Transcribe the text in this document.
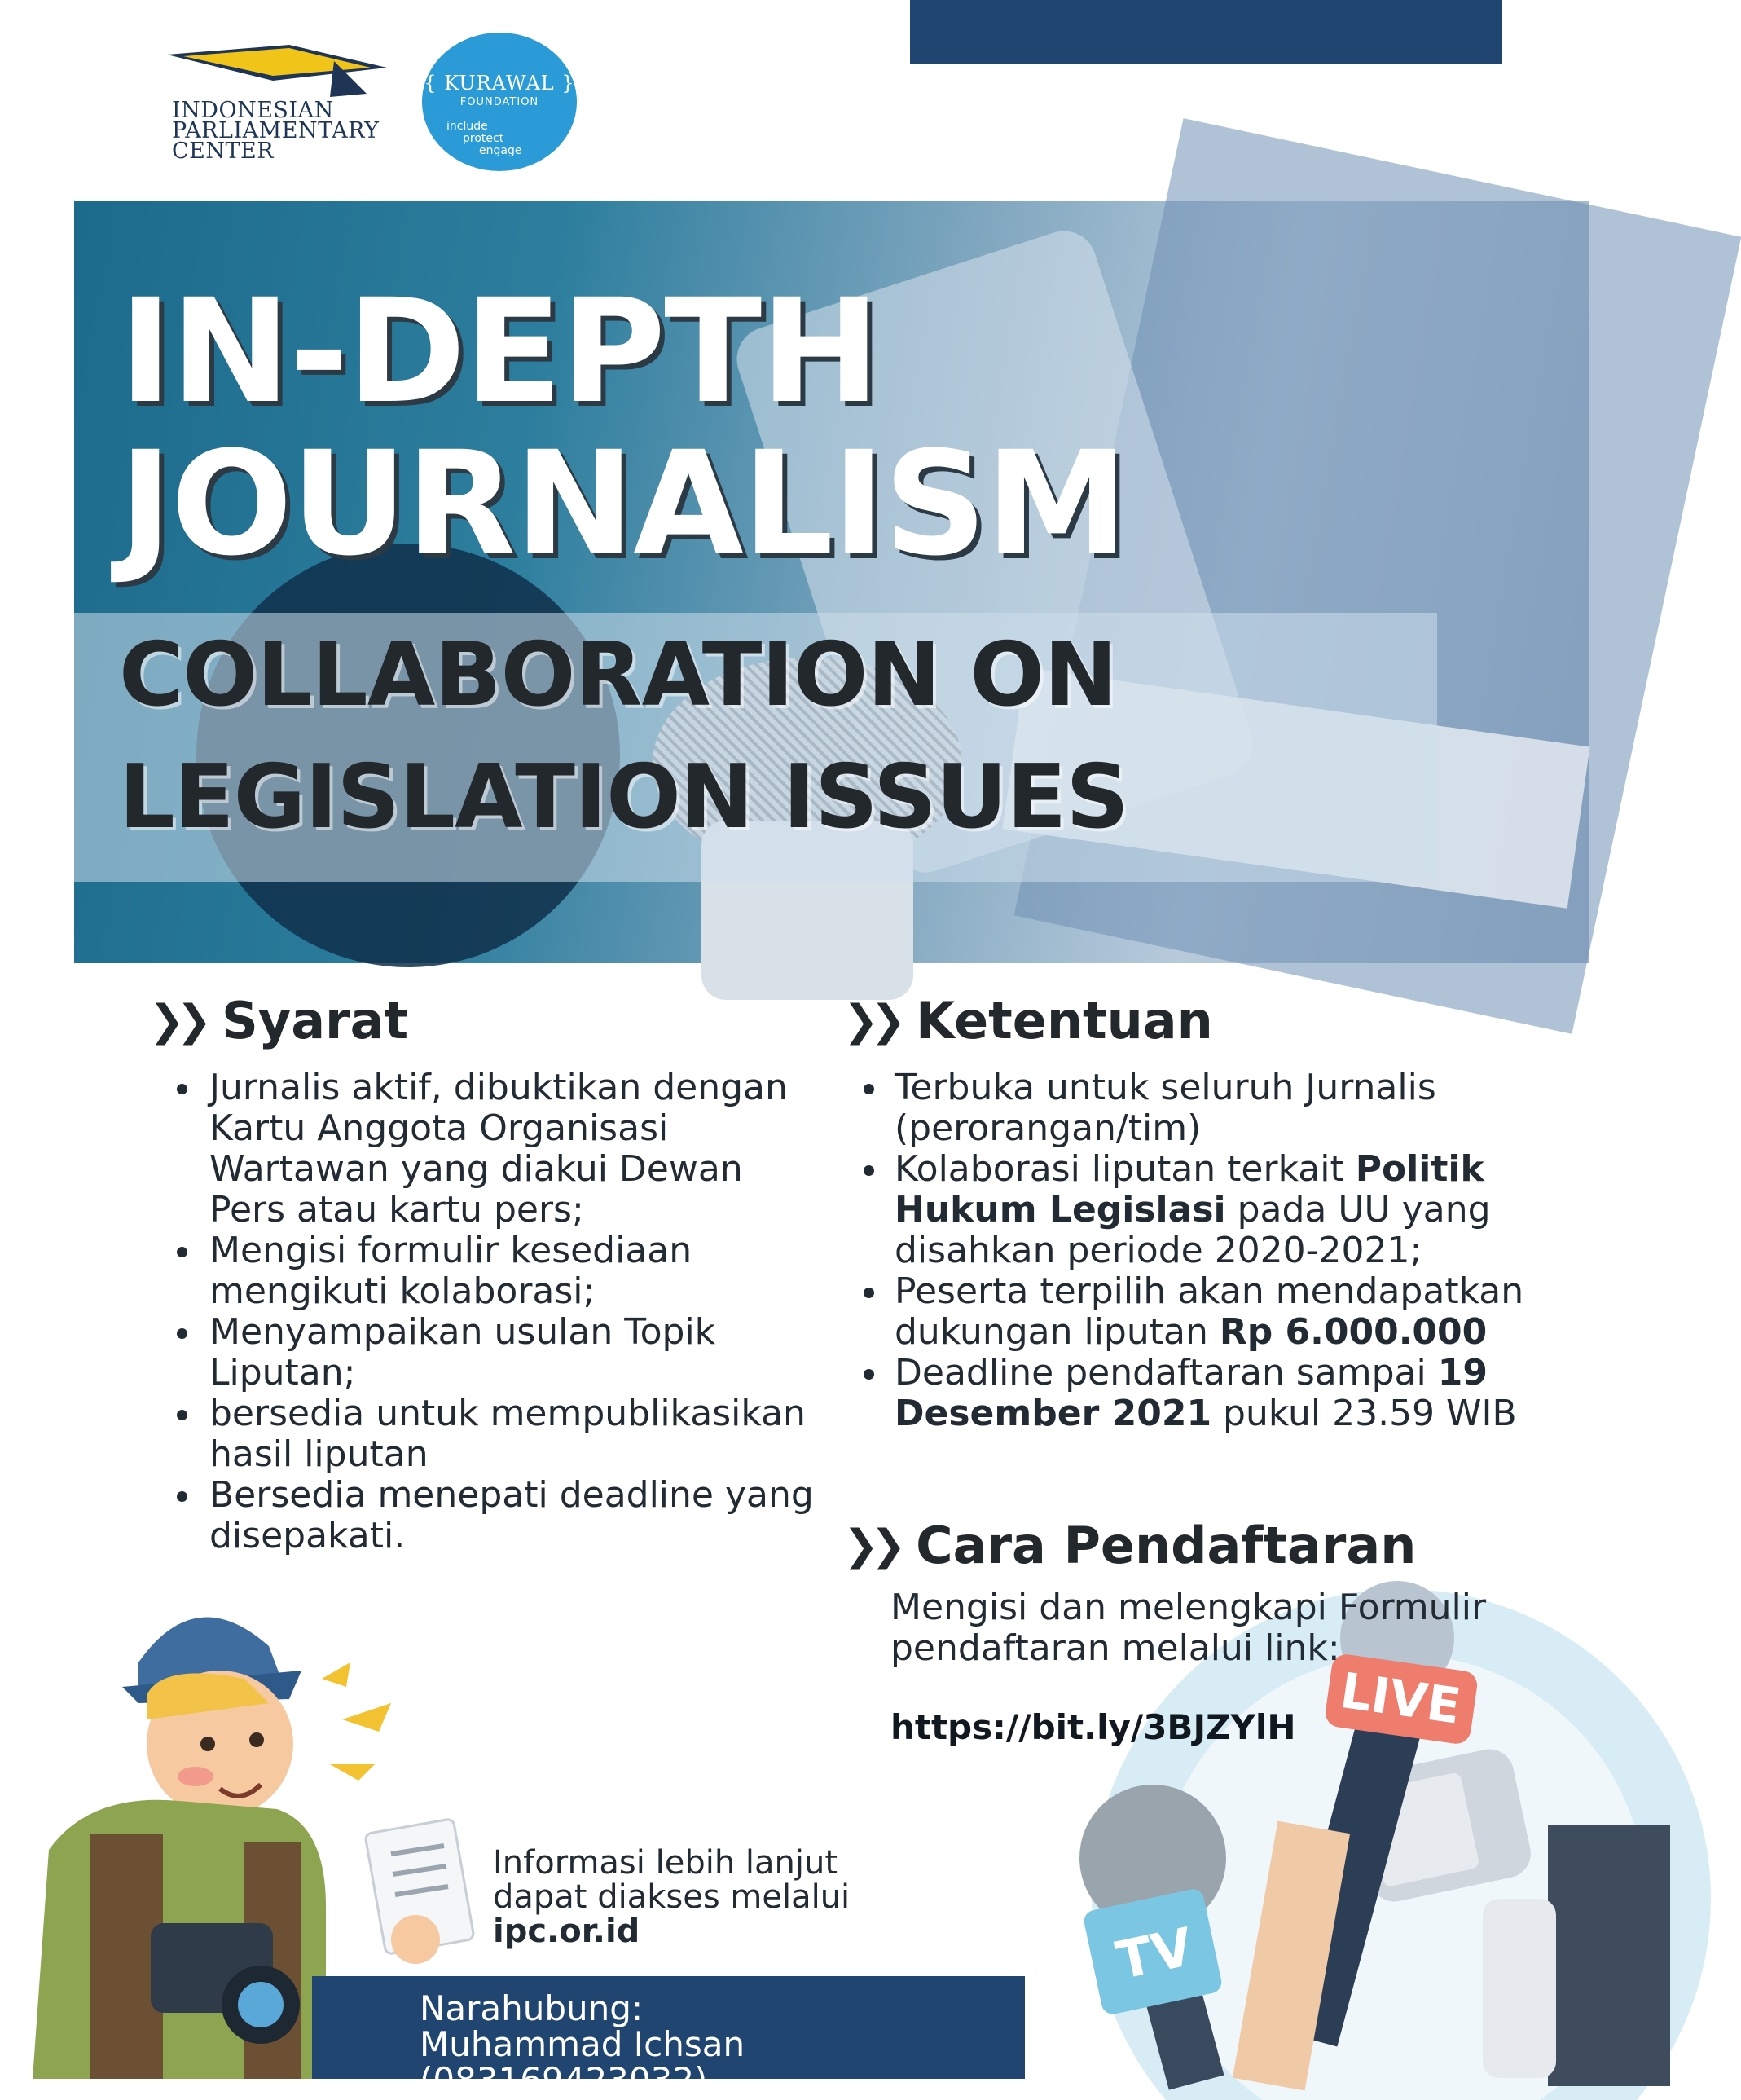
INDONESIAN
PARLIAMENTARY
CENTER
{ KURAWAL }
FOUNDATION
include
protect
engage
IN-DEPTH
JOURNALISM
COLLABORATION ON
LEGISLATION ISSUES
❯❯ Syarat
Jurnalis aktif, dibuktikan dengan Kartu Anggota Organisasi Wartawan yang diakui Dewan Pers atau kartu pers;
Mengisi formulir kesediaan mengikuti kolaborasi;
Menyampaikan usulan Topik Liputan;
bersedia untuk mempublikasikan hasil liputan
Bersedia menepati deadline yang disepakati.
❯❯ Ketentuan
Terbuka untuk seluruh Jurnalis (perorangan/tim)
Kolaborasi liputan terkait Politik Hukum Legislasi pada UU yang disahkan periode 2020-2021;
Peserta terpilih akan mendapatkan dukungan liputan Rp 6.000.000
Deadline pendaftaran sampai 19 Desember 2021 pukul 23.59 WIB
LIVE
TV
❯❯ Cara Pendaftaran
Mengisi dan melengkapi Formulir pendaftaran melalui link:
https://bit.ly/3BJZYlH
Informasi lebih lanjut
dapat diakses melalui
ipc.or.id
Narahubung:
Muhammad Ichsan (083169423032)
